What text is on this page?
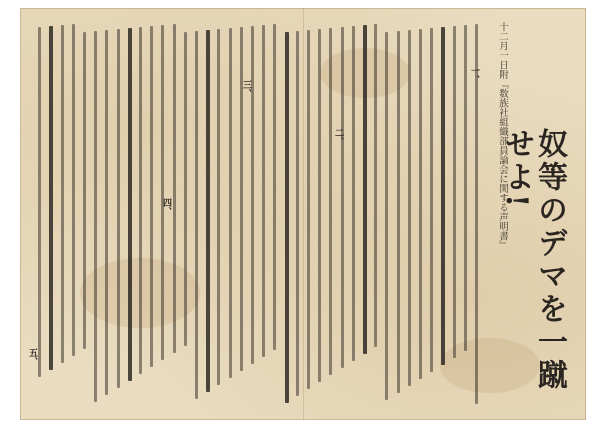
奴等のデマを一蹴せよ!
十二月一日附『数族社組織部員論会に関する声明書』
一、
二、
三、
四、
五、
